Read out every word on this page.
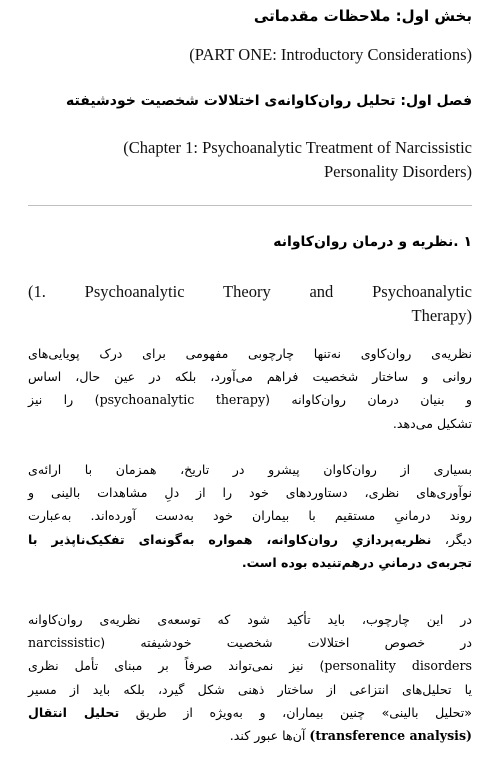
بخش اول: ملاحظات مقدماتی
(PART ONE: Introductory Considerations)
فصل اول: تحلیل روان‌کاوانه‌ی اختلالات شخصیت خودشیفته
(Chapter 1: Psychoanalytic Treatment of Narcissistic
Personality Disorders)
۱ .نظریه و درمان روان‌کاوانه
(1. Psychoanalytic Theory and Psychoanalytic
Therapy)
نظریه‌ی روان‌کاوی نه‌تنها چارچوبی مفهومی برای درک پویایی‌های
روانی و ساختار شخصیت فراهم می‌آورد، بلکه در عین حال، اساس
و بنیان درمان روان‌کاوانه (psychoanalytic therapy) را نیز
تشکیل می‌دهد.
بسیاری از روان‌کاوان پیشرو در تاریخ، همزمان با ارائه‌ی
نوآوری‌های نظری، دستاوردهای خود را از دلِ مشاهدات بالینی و
روند درمانیِ مستقیم با بیماران خود به‌دست آورده‌اند. به‌عبارت
دیگر، نظریه‌پردازیِ روان‌کاوانه، همواره به‌گونه‌ای تفکیک‌ناپذیر با
تجربه‌ی درمانیِ درهم‌تنیده بوده است.
در این چارچوب، باید تأکید شود که توسعه‌ی نظریه‌ی روان‌کاوانه
در خصوص اختلالات شخصیت خودشیفته (narcissistic
personality disorders) نیز نمی‌تواند صرفاً بر مبنای تأمل نظری
یا تحلیل‌های انتزاعی از ساختار ذهنی شکل گیرد، بلکه باید از مسیر
«تحلیل بالینی» چنین بیماران، و به‌ویژه از طریق تحلیل انتقال
(transference analysis) آن‌ها عبور کند.
